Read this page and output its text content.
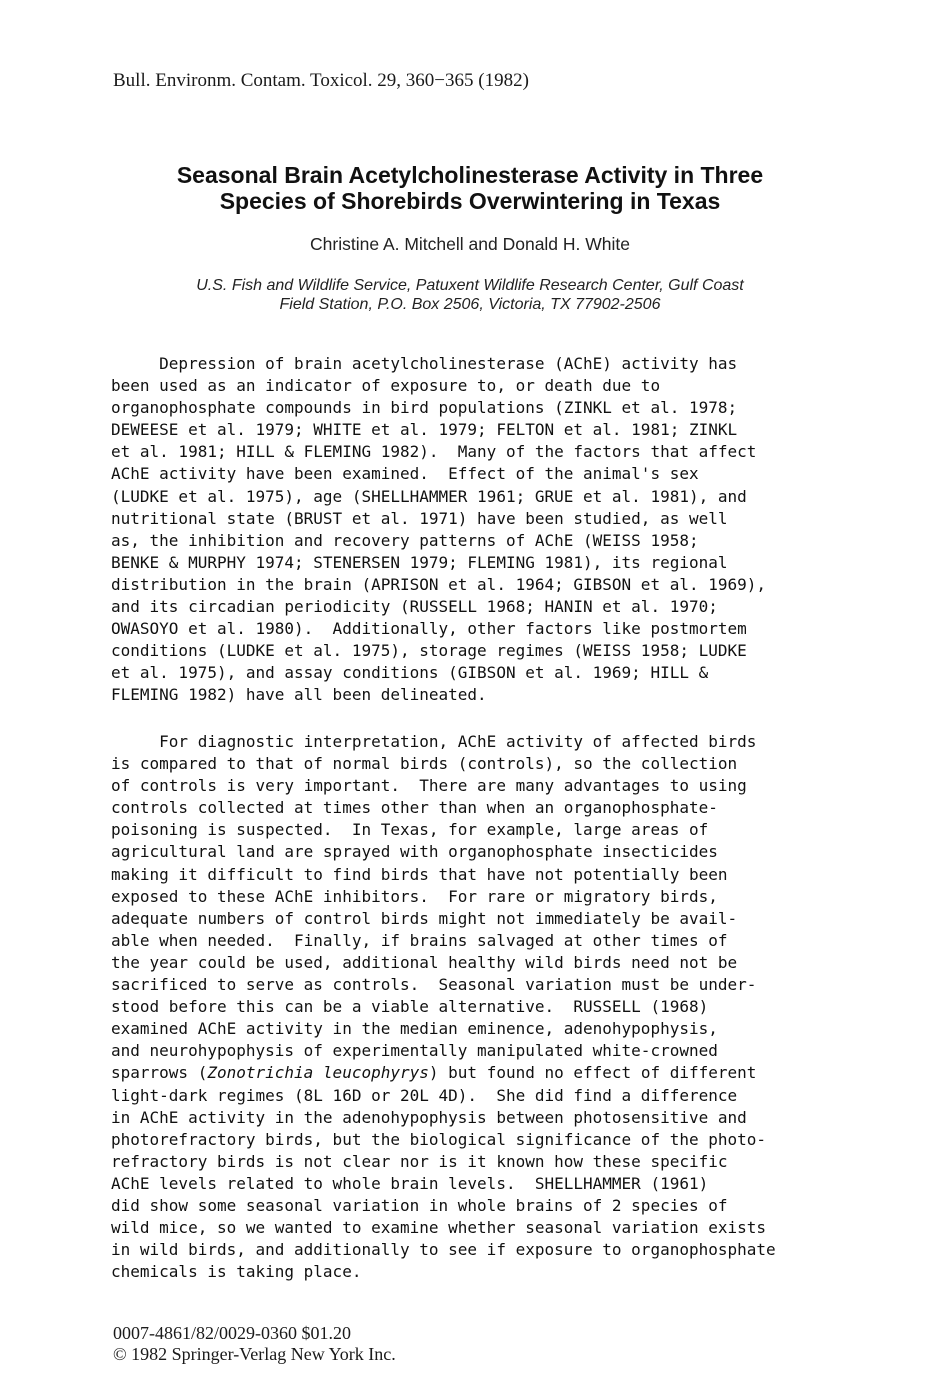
Bull. Environm. Contam. Toxicol. 29, 360−365 (1982)
Seasonal Brain Acetylcholinesterase Activity in Three
Species of Shorebirds Overwintering in Texas
Christine A. Mitchell and Donald H. White
U.S. Fish and Wildlife Service, Patuxent Wildlife Research Center, Gulf Coast
Field Station, P.O. Box 2506, Victoria, TX 77902-2506
Depression of brain acetylcholinesterase (AChE) activity has
been used as an indicator of exposure to, or death due to
organophosphate compounds in bird populations (ZINKL et al. 1978;
DEWEESE et al. 1979; WHITE et al. 1979; FELTON et al. 1981; ZINKL
et al. 1981; HILL & FLEMING 1982).  Many of the factors that affect
AChE activity have been examined.  Effect of the animal's sex
(LUDKE et al. 1975), age (SHELLHAMMER 1961; GRUE et al. 1981), and
nutritional state (BRUST et al. 1971) have been studied, as well
as, the inhibition and recovery patterns of AChE (WEISS 1958;
BENKE & MURPHY 1974; STENERSEN 1979; FLEMING 1981), its regional
distribution in the brain (APRISON et al. 1964; GIBSON et al. 1969),
and its circadian periodicity (RUSSELL 1968; HANIN et al. 1970;
OWASOYO et al. 1980).  Additionally, other factors like postmortem
conditions (LUDKE et al. 1975), storage regimes (WEISS 1958; LUDKE
et al. 1975), and assay conditions (GIBSON et al. 1969; HILL &
FLEMING 1982) have all been delineated.
For diagnostic interpretation, AChE activity of affected birds
is compared to that of normal birds (controls), so the collection
of controls is very important.  There are many advantages to using
controls collected at times other than when an organophosphate-
poisoning is suspected.  In Texas, for example, large areas of
agricultural land are sprayed with organophosphate insecticides
making it difficult to find birds that have not potentially been
exposed to these AChE inhibitors.  For rare or migratory birds,
adequate numbers of control birds might not immediately be avail-
able when needed.  Finally, if brains salvaged at other times of
the year could be used, additional healthy wild birds need not be
sacrificed to serve as controls.  Seasonal variation must be under-
stood before this can be a viable alternative.  RUSSELL (1968)
examined AChE activity in the median eminence, adenohypophysis,
and neurohypophysis of experimentally manipulated white-crowned
sparrows (Zonotrichia leucophyrys) but found no effect of different
light-dark regimes (8L 16D or 20L 4D).  She did find a difference
in AChE activity in the adenohypophysis between photosensitive and
photorefractory birds, but the biological significance of the photo-
refractory birds is not clear nor is it known how these specific
AChE levels related to whole brain levels.  SHELLHAMMER (1961)
did show some seasonal variation in whole brains of 2 species of
wild mice, so we wanted to examine whether seasonal variation exists
in wild birds, and additionally to see if exposure to organophosphate
chemicals is taking place.
0007-4861/82/0029-0360 $01.20
© 1982 Springer-Verlag New York Inc.
